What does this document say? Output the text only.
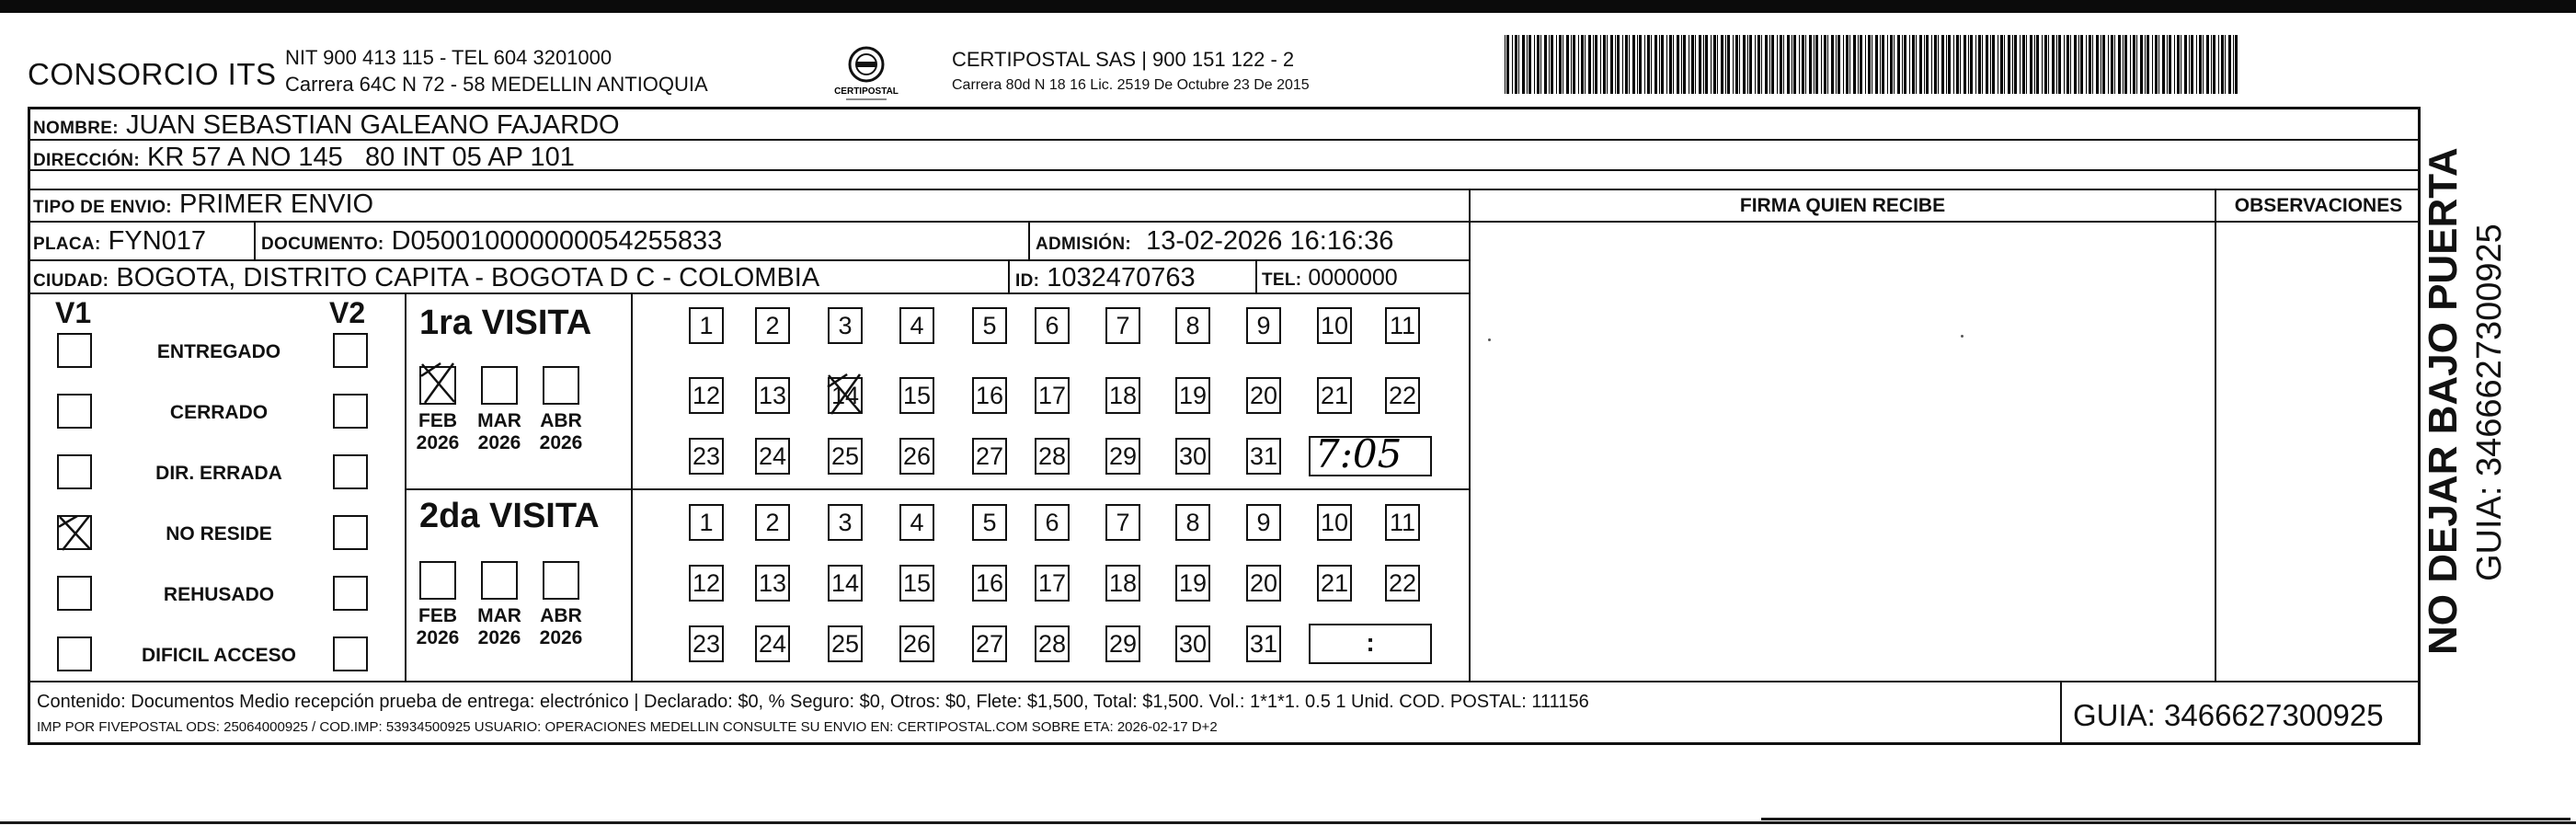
CONSORCIO ITS NIT 900 413 115 - TEL 604 3201000
Carrera 64C N 72 - 58 MEDELLIN ANTIOQUIA	CERTIPOSTAL
CERTIPOSTAL SAS | 900 151 122 - 2
Carrera 80d N 18 16 Lic. 2519 De Octubre 23 De 2015
NOMBRE: JUAN SEBASTIAN GALEANO FAJARDO
DIRECCIÓN: KR 57 A NO 145   80 INT 05 AP 101
TIPO DE ENVIO: PRIMER ENVIO
PLACA: FYN017	DOCUMENTO: D050010000000054255833	ADMISIÓN: 13-02-2026 16:16:36
CIUDAD: BOGOTA, DISTRITO CAPITA - BOGOTA D C - COLOMBIA	ID: 1032470763	TEL: 0000000
FIRMA QUIEN RECIBE	OBSERVACIONES
V1	V2 1ra VISITA
2da VISITA
Contenido: Documentos Medio recepción prueba de entrega: electrónico | Declarado: $0, % Seguro: $0, Otros: $0, Flete: $1,500, Total: $1,500. Vol.: 1*1*1. 0.5 1 Unid. COD. POSTAL: 111156
IMP POR FIVEPOSTAL ODS: 25064000925 / COD.IMP: 53934500925 USUARIO: OPERACIONES MEDELLIN CONSULTE SU ENVIO EN: CERTIPOSTAL.COM SOBRE ETA: 2026-02-17 D+2	GUIA: 3466627300925
NO DEJAR BAJO PUERTA GUIA: 3466627300925
ENTREGADO
CERRADO
DIR. ERRADA
NO RESIDE
REHUSADO
DIFICIL ACCESO
FEB
2026
MAR
2026
ABR
2026
FEB
2026
MAR
2026
ABR
2026
1	2	3	4	5	6	7	8	9	10 11
12 13 14 15 16 17 18 19 20 21 22
23 24 25 26 27 28 29 30 31 7:05
1	2	3	4	5	6	7	8	9	10 11
12 13 14 15 16 17 18 19 20 21 22
23 24 25 26 27 28 29 30 31	:
